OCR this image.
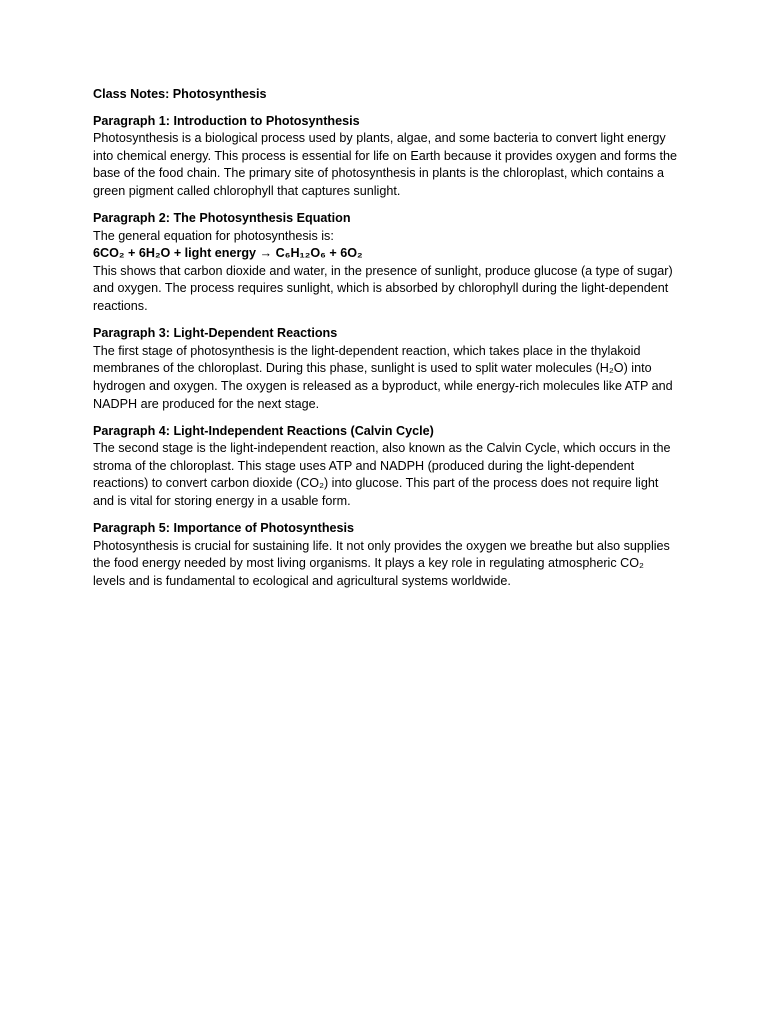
Class Notes: Photosynthesis

Paragraph 1: Introduction to Photosynthesis

Photosynthesis is a biological process used by plants, algae, and some bacteria to convert light energy into chemical energy. This process is essential for life on Earth because it provides oxygen and forms the base of the food chain. The primary site of photosynthesis in plants is the chloroplast, which contains a green pigment called chlorophyll that captures sunlight.

Paragraph 2: The Photosynthesis Equation

The general equation for photosynthesis is:

6CO₂ + 6H₂O + light energy → C₆H₁₂O₆ + 6O₂

This shows that carbon dioxide and water, in the presence of sunlight, produce glucose (a type of sugar) and oxygen. The process requires sunlight, which is absorbed by chlorophyll during the light-dependent reactions.

Paragraph 3: Light-Dependent Reactions

The first stage of photosynthesis is the light-dependent reaction, which takes place in the thylakoid membranes of the chloroplast. During this phase, sunlight is used to split water molecules (H₂O) into hydrogen and oxygen. The oxygen is released as a byproduct, while energy-rich molecules like ATP and NADPH are produced for the next stage.

Paragraph 4: Light-Independent Reactions (Calvin Cycle)

The second stage is the light-independent reaction, also known as the Calvin Cycle, which occurs in the stroma of the chloroplast. This stage uses ATP and NADPH (produced during the light-dependent reactions) to convert carbon dioxide (CO₂) into glucose. This part of the process does not require light and is vital for storing energy in a usable form.

Paragraph 5: Importance of Photosynthesis

Photosynthesis is crucial for sustaining life. It not only provides the oxygen we breathe but also supplies the food energy needed by most living organisms. It plays a key role in regulating atmospheric CO₂ levels and is fundamental to ecological and agricultural systems worldwide.
